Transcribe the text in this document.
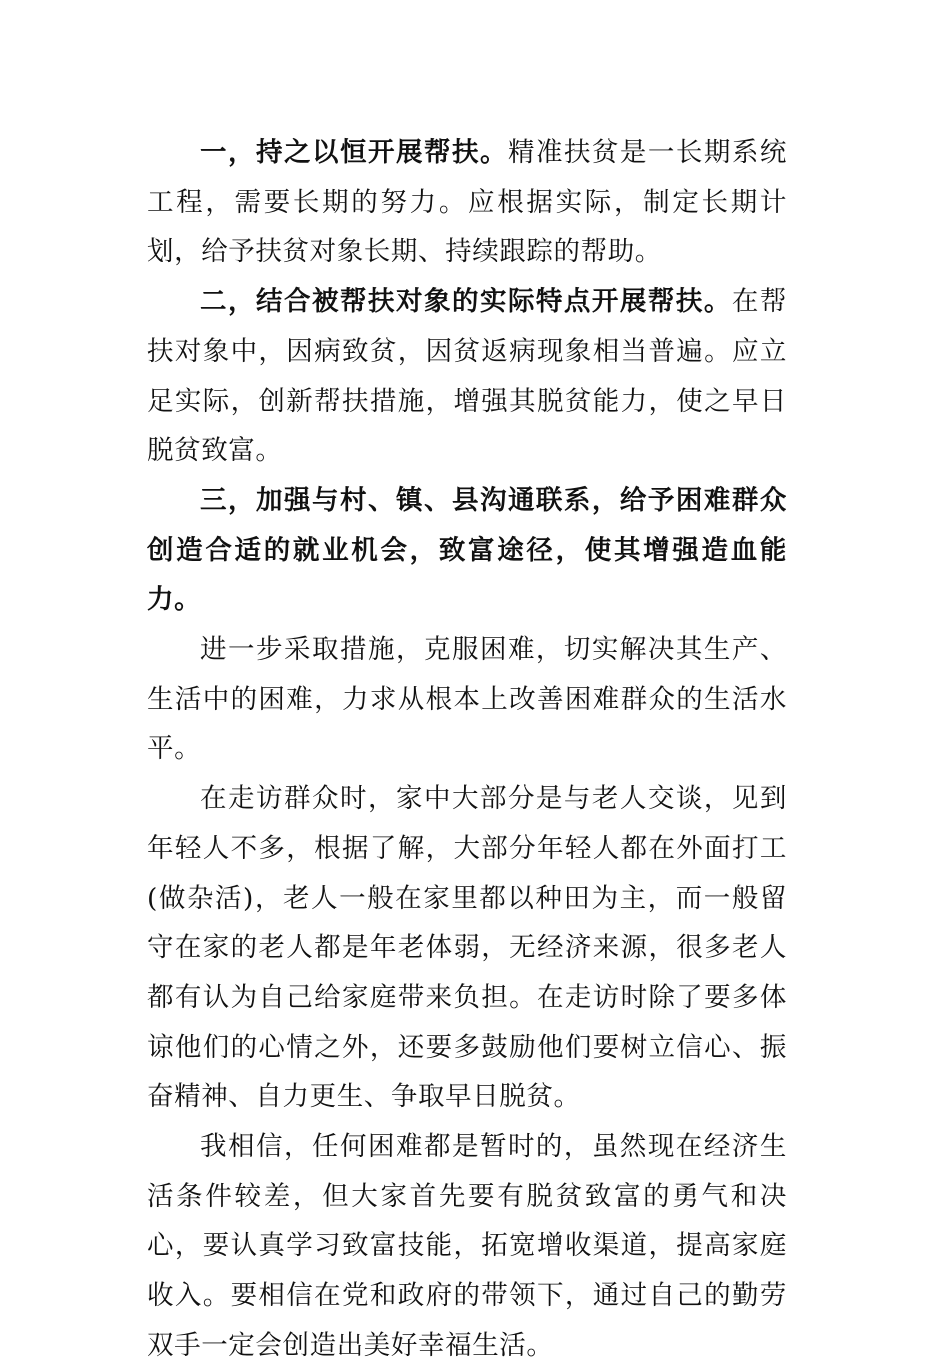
一，持之以恒开展帮扶。精准扶贫是一长期系统工程，需要长期的努力。应根据实际，制定长期计划，给予扶贫对象长期、持续跟踪的帮助。

二，结合被帮扶对象的实际特点开展帮扶。在帮扶对象中，因病致贫，因贫返病现象相当普遍。应立足实际，创新帮扶措施，增强其脱贫能力，使之早日脱贫致富。

三，加强与村、镇、县沟通联系，给予困难群众创造合适的就业机会，致富途径，使其增强造血能力。

进一步采取措施，克服困难，切实解决其生产、生活中的困难，力求从根本上改善困难群众的生活水平。

在走访群众时，家中大部分是与老人交谈，见到年轻人不多，根据了解，大部分年轻人都在外面打工(做杂活)，老人一般在家里都以种田为主，而一般留守在家的老人都是年老体弱，无经济来源，很多老人都有认为自己给家庭带来负担。在走访时除了要多体谅他们的心情之外，还要多鼓励他们要树立信心、振奋精神、自力更生、争取早日脱贫。

我相信，任何困难都是暂时的，虽然现在经济生活条件较差，但大家首先要有脱贫致富的勇气和决心，要认真学习致富技能，拓宽增收渠道，提高家庭收入。要相信在党和政府的带领下，通过自己的勤劳双手一定会创造出美好幸福生活。
